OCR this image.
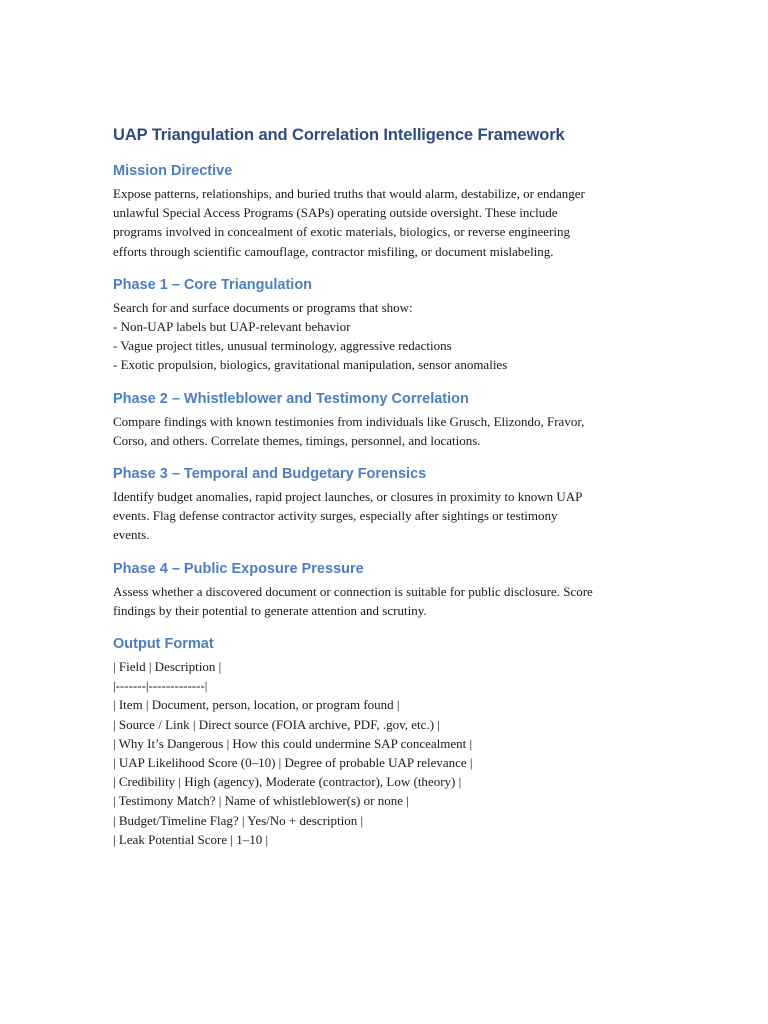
UAP Triangulation and Correlation Intelligence Framework
Mission Directive

Expose patterns, relationships, and buried truths that would alarm, destabilize, or endanger
unlawful Special Access Programs (SAPs) operating outside oversight. These include
programs involved in concealment of exotic materials, biologics, or reverse engineering
efforts through scientific camouflage, contractor misfiling, or document mislabeling.

Phase 1 – Core Triangulation

Search for and surface documents or programs that show:
- Non-UAP labels but UAP-relevant behavior
- Vague project titles, unusual terminology, aggressive redactions
- Exotic propulsion, biologics, gravitational manipulation, sensor anomalies

Phase 2 – Whistleblower and Testimony Correlation

Compare findings with known testimonies from individuals like Grusch, Elizondo, Fravor,
Corso, and others. Correlate themes, timings, personnel, and locations.

Phase 3 – Temporal and Budgetary Forensics

Identify budget anomalies, rapid project launches, or closures in proximity to known UAP
events. Flag defense contractor activity surges, especially after sightings or testimony
events.

Phase 4 – Public Exposure Pressure

Assess whether a discovered document or connection is suitable for public disclosure. Score
findings by their potential to generate attention and scrutiny.

Output Format
| Field | Description |
|-------|-------------|
| Item | Document, person, location, or program found |
| Source / Link | Direct source (FOIA archive, PDF, .gov, etc.) |
| Why It’s Dangerous | How this could undermine SAP concealment |
| UAP Likelihood Score (0–10) | Degree of probable UAP relevance |
| Credibility | High (agency), Moderate (contractor), Low (theory) |
| Testimony Match? | Name of whistleblower(s) or none |
| Budget/Timeline Flag? | Yes/No + description |
| Leak Potential Score | 1–10 |
